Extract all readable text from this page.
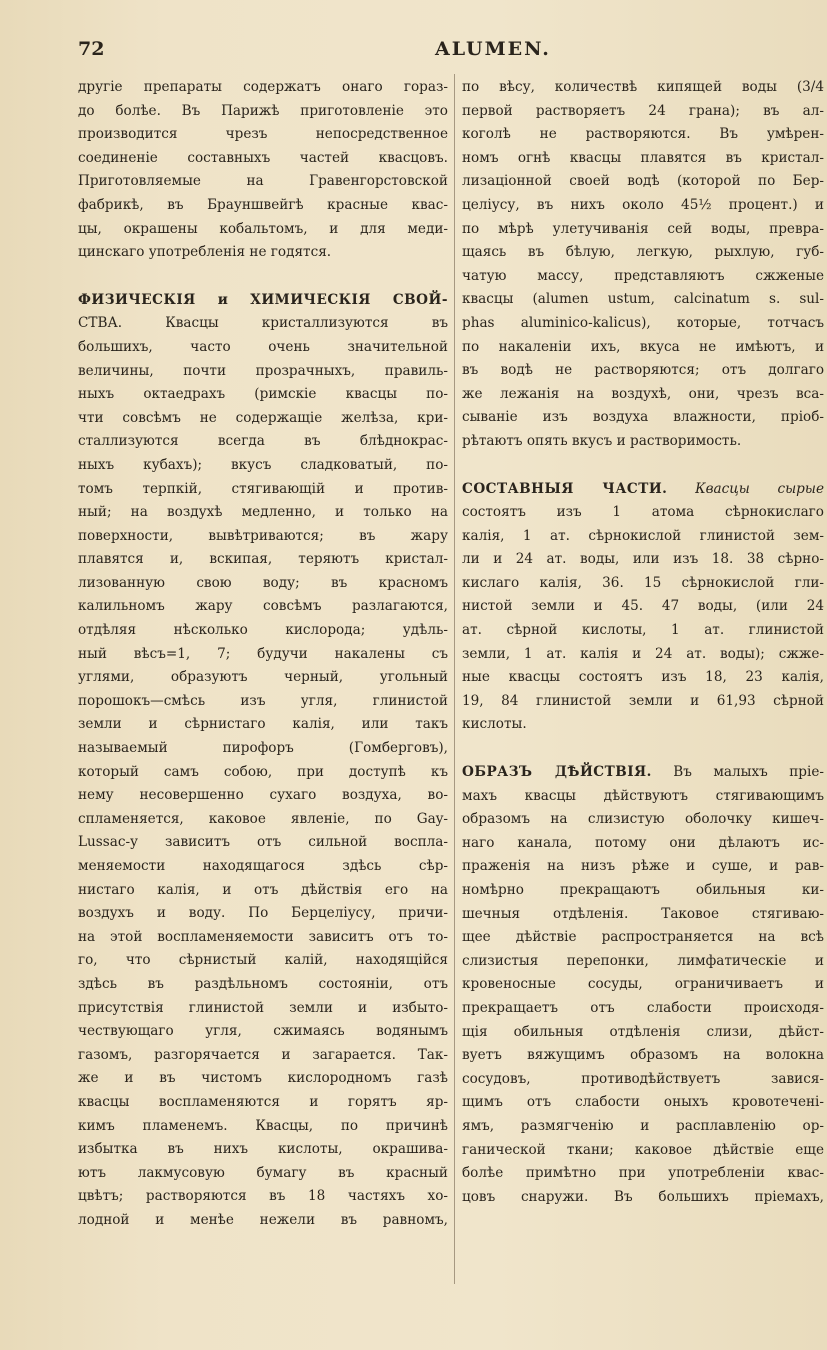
72	ALUMEN.
другіе препараты содержатъ онаго гораз-
до болѣе. Въ Парижѣ приготовленіе это
производится чрезъ непосредственное
соединеніе составныхъ частей квасцовъ.
Приготовляемые на Гравенгорстовской
фабрикѣ, въ Брауншвейгѣ красные квас-
цы, окрашены кобальтомъ, и для меди-
цинскаго употребленія не годятся.
ФИЗИЧЕСКІЯ и ХИМИЧЕСКІЯ СВОЙ-
СТВА. Квасцы кристаллизуются въ
большихъ, часто очень значительной
величины, почти прозрачныхъ, правиль-
ныхъ октаедрахъ (римскіе квасцы по-
чти совсѣмъ не содержащіе желѣза, кри-
сталлизуются всегда въ блѣднокрас-
ныхъ кубахъ); вкусъ сладковатый, по-
томъ терпкій, стягивающій и против-
ный; на воздухѣ медленно, и только на
поверхности, вывѣтриваются; въ жару
плавятся и, вскипая, теряютъ кристал-
лизованную свою воду; въ красномъ
калильномъ жару совсѣмъ разлагаются,
отдѣляя нѣсколько кислорода; удѣль-
ный вѣсъ=1, 7; будучи накалены съ
углями, образуютъ черный, угольный
порошокъ—смѣсь изъ угля, глинистой
земли и сѣрнистаго калія, или такъ
называемый пирофоръ (Гомберговъ),
который самъ собою, при доступѣ къ
нему несовершенно сухаго воздуха, во-
спламеняется, каковое явленіе, по Gay-
Lussac-у зависитъ отъ сильной воспла-
меняемости находящагося здѣсь сѣр-
нистаго калія, и отъ дѣйствія его на
воздухъ и воду. По Берцеліусу, причи-
на этой воспламеняемости зависитъ отъ то-
го, что сѣрнистый калій, находящійся
здѣсь въ раздѣльномъ состояніи, отъ
присутствія глинистой земли и избыто-
чествующаго угля, сжимаясь водянымъ
газомъ, разгорячается и загарается. Так-
же и въ чистомъ кислородномъ газѣ
квасцы воспламеняются и горятъ яр-
кимъ пламенемъ. Квасцы, по причинѣ
избытка въ нихъ кислоты, окрашива-
ютъ лакмусовую бумагу въ красный
цвѣтъ; растворяются въ 18 частяхъ хо-
лодной и менѣе нежели въ равномъ,
по вѣсу, количествѣ кипящей воды (3/4
первой растворяетъ 24 грана); въ ал-
коголѣ не растворяются. Въ умѣрен-
номъ огнѣ квасцы плавятся въ кристал-
лизаціонной своей водѣ (которой по Бер-
целіусу, въ нихъ около 45½ процент.) и
по мѣрѣ улетучиванія сей воды, превра-
щаясь въ бѣлую, легкую, рыхлую, губ-
чатую массу, представляютъ сжженые
квасцы (alumen ustum, calcinatum s. sul-
phas aluminico-kalicus), которые, тотчасъ
по накаленіи ихъ, вкуса не имѣютъ, и
въ водѣ не растворяются; отъ долгаго
же лежанія на воздухѣ, они, чрезъ вса-
сываніе изъ воздуха влажности, пріоб-
рѣтаютъ опять вкусъ и растворимость.
СОСТАВНЫЯ ЧАСТИ. Квасцы сырые
состоятъ изъ 1 атома сѣрнокислаго
калія, 1 ат. сѣрнокислой глинистой зем-
ли и 24 ат. воды, или изъ 18. 38 сѣрно-
кислаго калія, 36. 15 сѣрнокислой гли-
нистой земли и 45. 47 воды, (или 24
ат. сѣрной кислоты, 1 ат. глинистой
земли, 1 ат. калія и 24 ат. воды); сжже-
ные квасцы состоятъ изъ 18, 23 калія,
19, 84 глинистой земли и 61,93 сѣрной
кислоты.
ОБРАЗЪ ДѢЙСТВІЯ. Въ малыхъ пріе-
махъ квасцы дѣйствуютъ стягивающимъ
образомъ на слизистую оболочку кишеч-
наго канала, потому они дѣлаютъ ис-
праженія на низъ рѣже и суше, и рав-
номѣрно прекращаютъ обильныя ки-
шечныя отдѣленія. Таковое стягиваю-
щее дѣйствіе распространяется на всѣ
слизистыя перепонки, лимфатическіе и
кровеносные сосуды, ограничиваетъ и
прекращаетъ отъ слабости происходя-
щія обильныя отдѣленія слизи, дѣйст-
вуетъ вяжущимъ образомъ на волокна
сосудовъ, противодѣйствуетъ завися-
щимъ отъ слабости оныхъ кровотечені-
ямъ, размягченію и расплавленію ор-
ганической ткани; каковое дѣйствіе еще
болѣе примѣтно при употребленіи квас-
цовъ снаружи. Въ большихъ пріемахъ,
